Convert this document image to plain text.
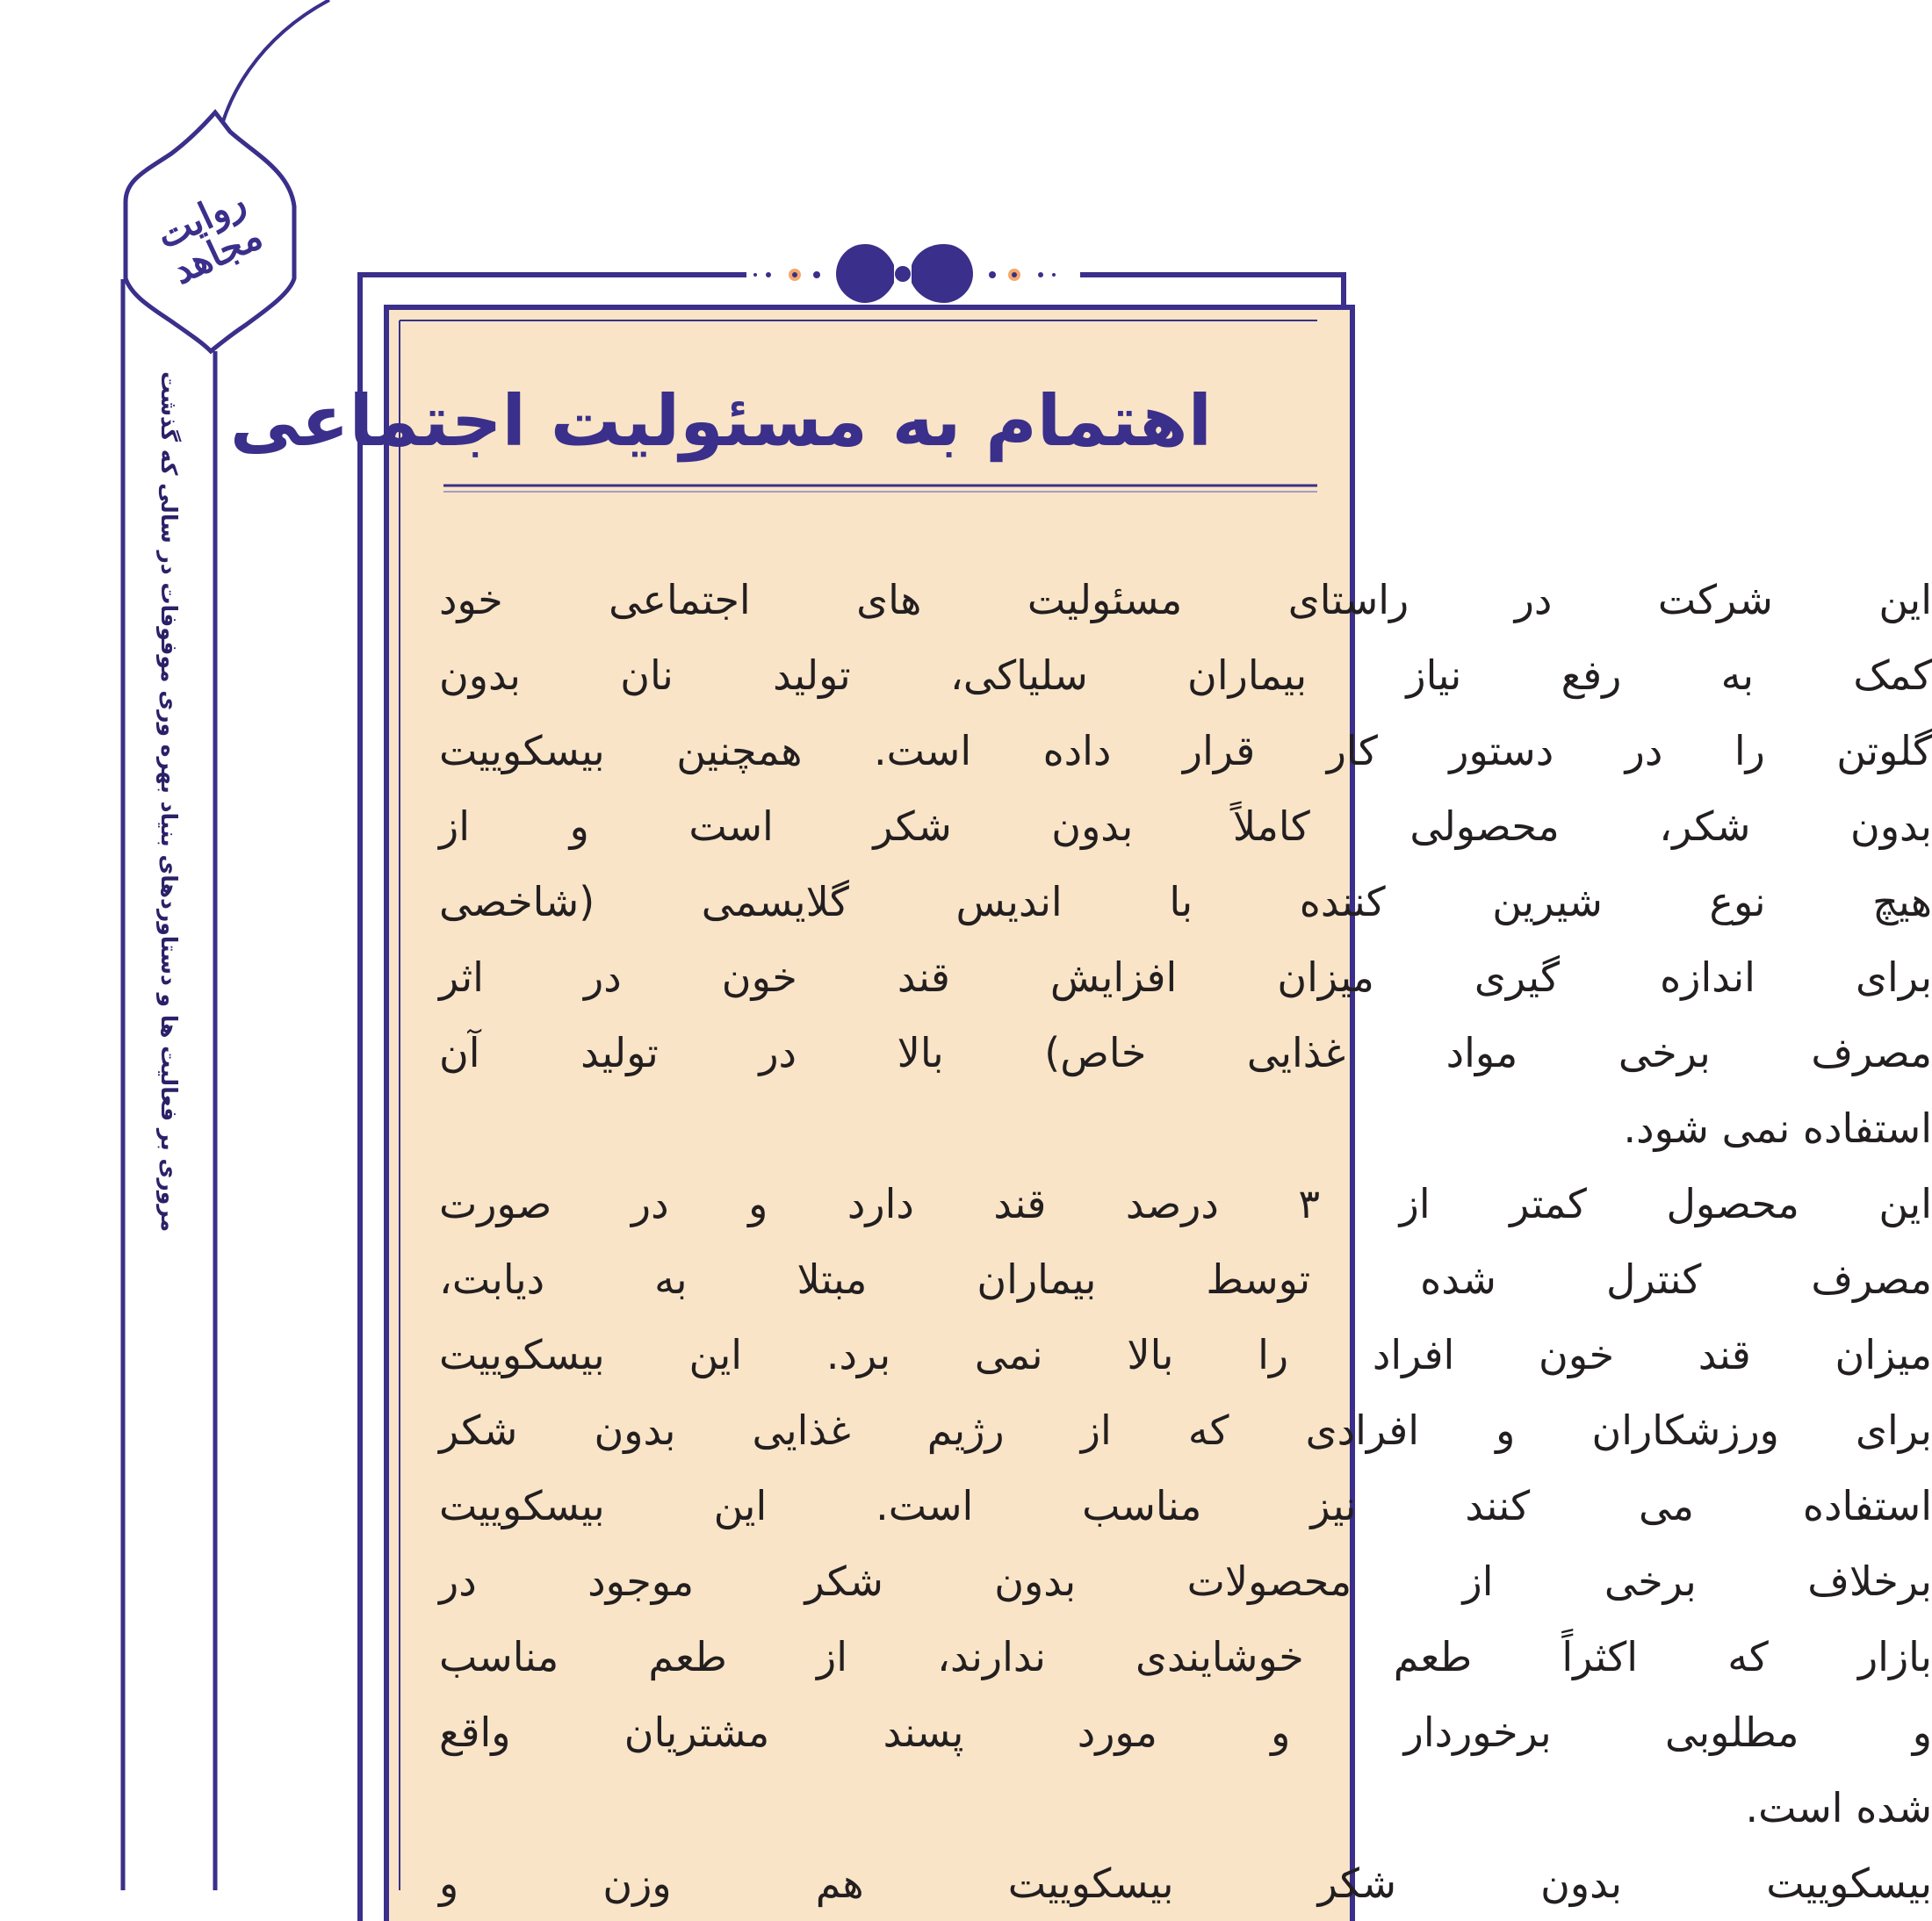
روایت مجاهد
مروری بر فعالیت ها و دستاوردهای بنیاد بهره وری موفوفات در سالی که گذشت اهتمام به مسئولیت اجتماعی
این شرکت در راستای مسئولیت های اجتماعی خود
کمک به رفع نیاز بیماران سلیاکی، تولید نان بدون
گلوتن را در دستور کار قرار داده است. همچنین بیسکوییت
بدون شکر، محصولی کاملاً بدون شکر است و از
هیچ نوع شیرین کننده با اندیس گلایسمی (شاخصی
برای اندازه گیری میزان افزایش قند خون در اثر
مصرف برخی مواد غذایی خاص) بالا در تولید آن
استفاده نمی شود.
این محصول کمتر از ۳ درصد قند دارد و در صورت
مصرف کنترل شده توسط بیماران مبتلا به دیابت،
میزان قند خون افراد را بالا نمی برد. این بیسکوییت
برای ورزشکاران و افرادی که از رژیم غذایی بدون شکر
استفاده می کنند نیز مناسب است. این بیسکوییت
برخلاف برخی از محصولات بدون شکر موجود در
بازار که اکثراً طعم خوشایندی ندارند، از طعم مناسب
و مطلوبی برخوردار و مورد پسند مشتریان واقع
شده است.
بیسکوییت بدون شکر بیسکوییت هم وزن و
